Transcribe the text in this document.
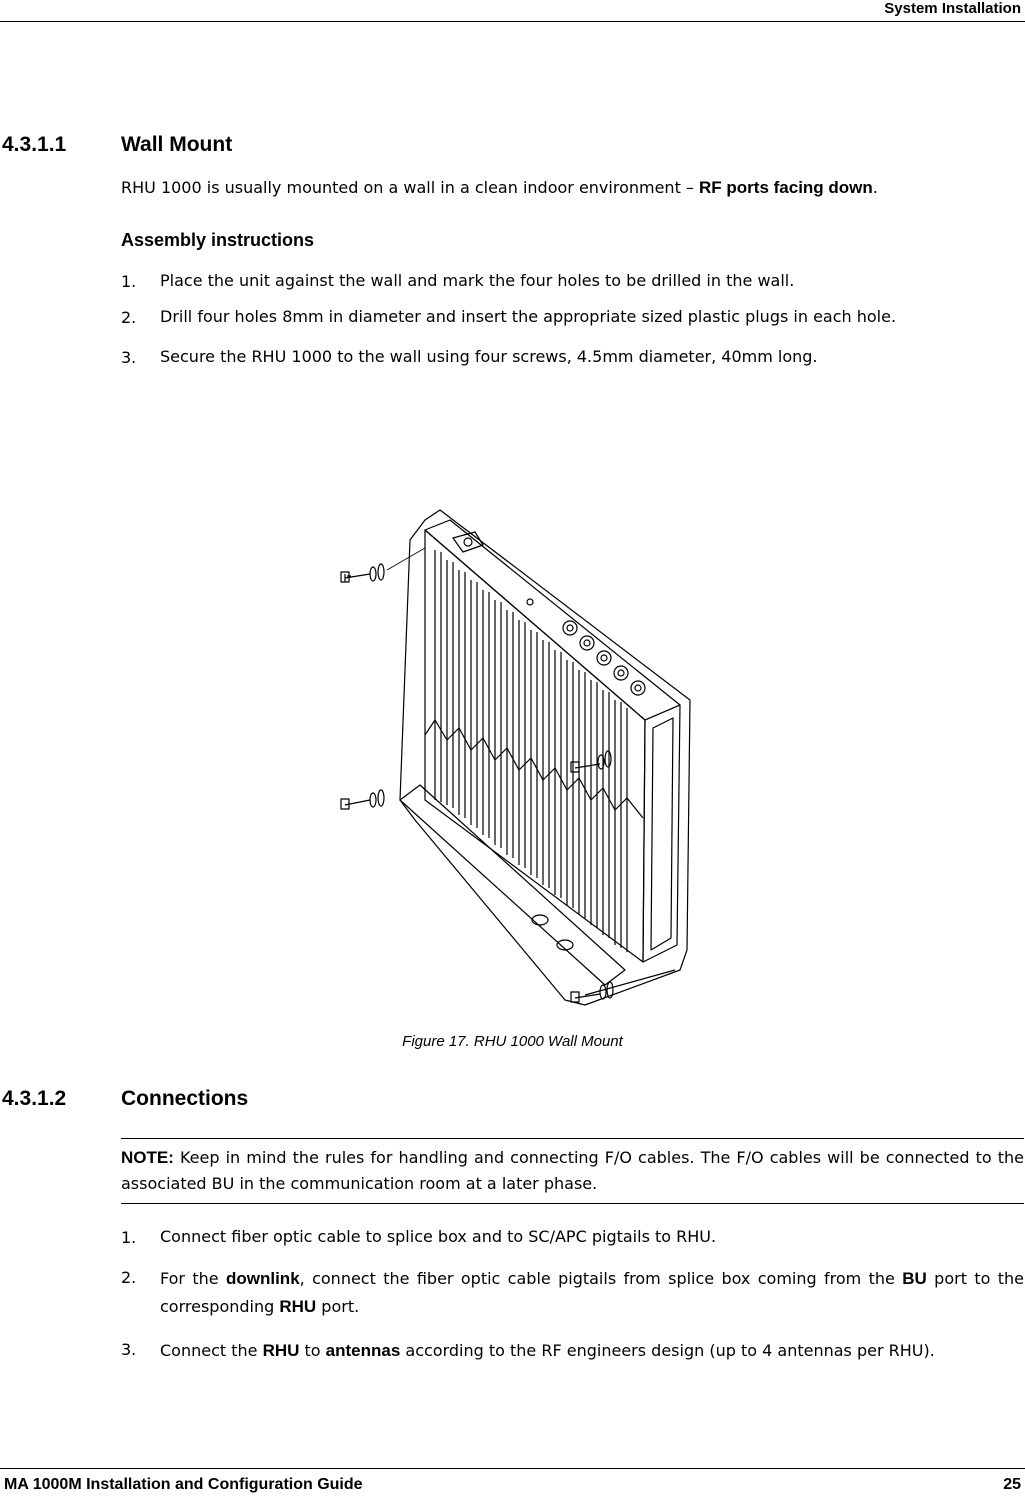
System Installation
4.3.1.1	Wall Mount
RHU 1000 is usually mounted on a wall in a clean indoor environment – RF ports facing down.
Assembly instructions
1. Place the unit against the wall and mark the four holes to be drilled in the wall.
2. Drill four holes 8mm in diameter and insert the appropriate sized plastic plugs in each hole.
3. Secure the RHU 1000 to the wall using four screws, 4.5mm diameter, 40mm long.
Figure 17. RHU 1000 Wall Mount
4.3.1.2	Connections
NOTE: Keep in mind the rules for handling and connecting F/O cables. The F/O cables will be connected to the associated BU in the communication room at a later phase.
1. Connect fiber optic cable to splice box and to SC/APC pigtails to RHU.
2. For the downlink, connect the fiber optic cable pigtails from splice box coming from the BU port to the corresponding RHU port.
3. Connect the RHU to antennas according to the RF engineers design (up to 4 antennas per RHU).
MA 1000M Installation and Configuration Guide	25
